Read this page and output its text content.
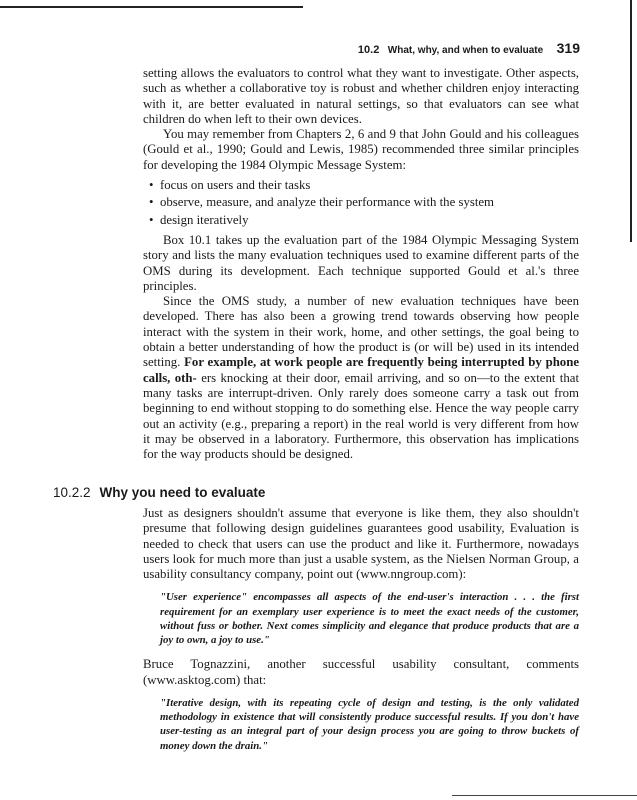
10.2 What, why, and when to evaluate 319

setting allows the evaluators to control what they want to investigate. Other aspects, such as whether a collaborative toy is robust and whether children enjoy interacting with it, are better evaluated in natural settings, so that evaluators can see what children do when left to their own devices.

You may remember from Chapters 2, 6 and 9 that John Gould and his colleagues (Gould et al., 1990; Gould and Lewis, 1985) recommended three similar principles for developing the 1984 Olympic Message System:

• focus on users and their tasks
• observe, measure, and analyze their performance with the system
• design iteratively

Box 10.1 takes up the evaluation part of the 1984 Olympic Messaging System story and lists the many evaluation techniques used to examine different parts of the OMS during its development. Each technique supported Gould et al.'s three principles.

Since the OMS study, a number of new evaluation techniques have been developed. There has also been a growing trend towards observing how people interact with the system in their work, home, and other settings, the goal being to obtain a better understanding of how the product is (or will be) used in its intended setting. For example, at work people are frequently being interrupted by phone calls, oth- ers knocking at their door, email arriving, and so on—to the extent that many tasks are interrupt-driven. Only rarely does someone carry a task out from beginning to end without stopping to do something else. Hence the way people carry out an activity (e.g., preparing a report) in the real world is very different from how it may be observed in a laboratory. Furthermore, this observation has implications for the way products should be designed.

10.2.2 Why you need to evaluate

Just as designers shouldn't assume that everyone is like them, they also shouldn't presume that following design guidelines guarantees good usability, Evaluation is needed to check that users can use the product and like it. Furthermore, nowadays users look for much more than just a usable system, as the Nielsen Norman Group, a usability consultancy company, point out (www.nngroup.com):

"User experience" encompasses all aspects of the end-user's interaction . . . the first requirement for an exemplary user experience is to meet the exact needs of the customer, without fuss or bother. Next comes simplicity and elegance that produce products that are a joy to own, a joy to use."

Bruce Tognazzini, another successful usability consultant, comments (www.asktog.com) that:

"Iterative design, with its repeating cycle of design and testing, is the only validated methodology in existence that will consistently produce successful results. If you don't have user-testing as an integral part of your design process you are going to throw buckets of money down the drain."
